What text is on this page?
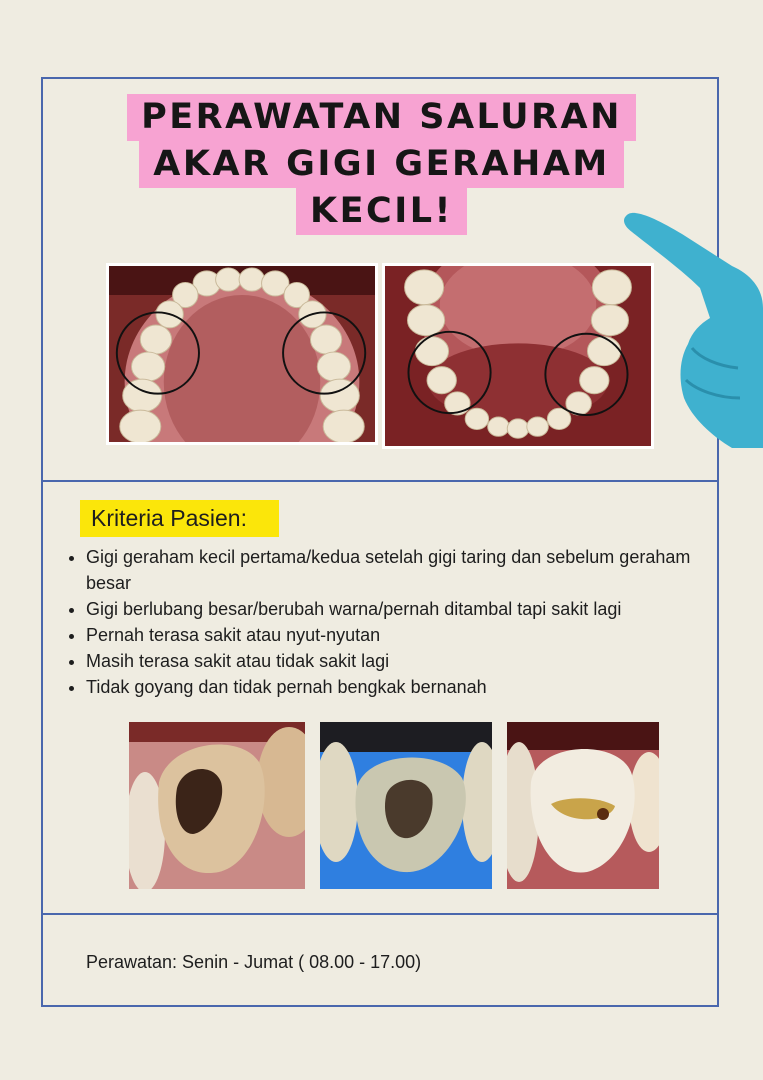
PERAWATAN SALURAN
AKAR GIGI GERAHAM
KECIL!
Kriteria Pasien:
• Gigi geraham kecil pertama/kedua setelah gigi taring dan sebelum geraham besar
• Gigi berlubang besar/berubah warna/pernah ditambal tapi sakit lagi
• Pernah terasa sakit atau nyut-nyutan
• Masih terasa sakit atau tidak sakit lagi
• Tidak goyang dan tidak pernah bengkak bernanah
Perawatan: Senin - Jumat ( 08.00 - 17.00)
